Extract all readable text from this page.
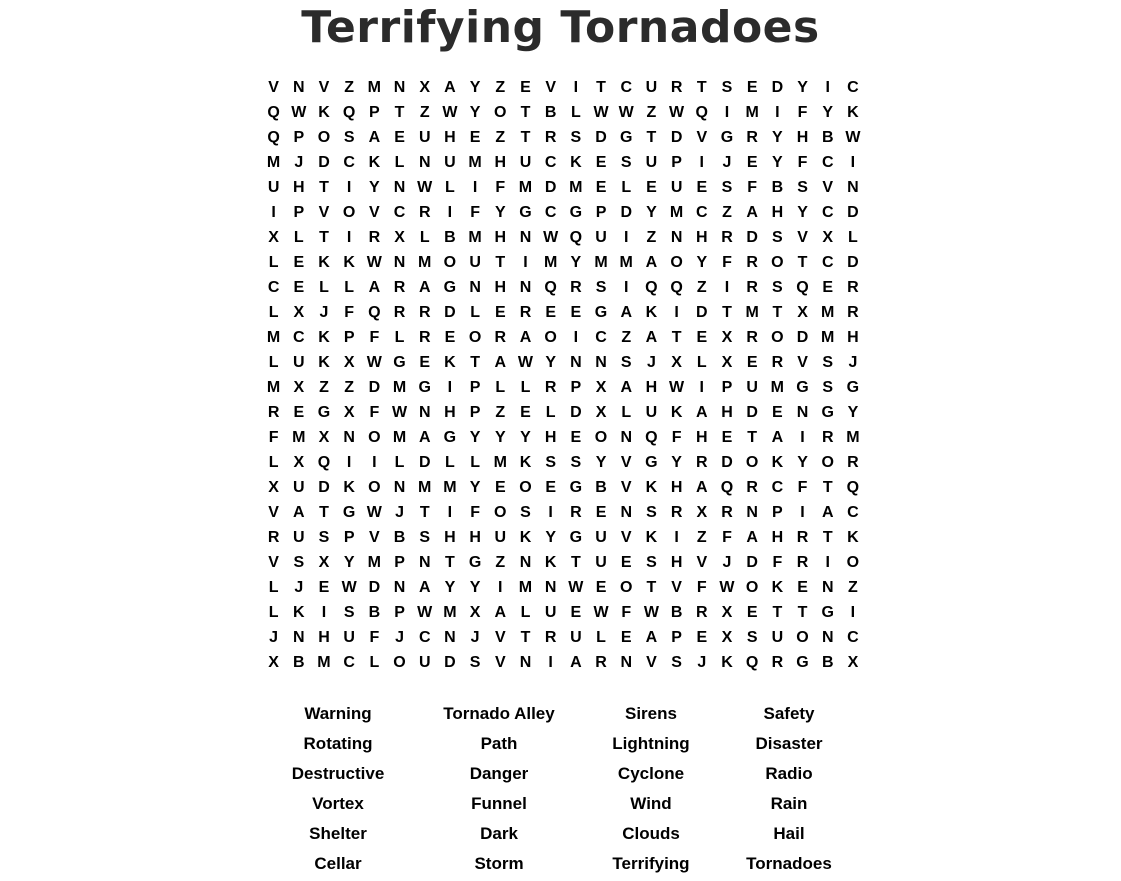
Terrifying Tornadoes
V N V Z M N X A Y Z E V	I	T C U R T S E D Y	I	C
Q W K Q P T Z W Y O T B L W W Z W Q	I	M	I	F Y K
Q P O S A E U H E Z T R S D G T D V G R Y H B W
M J D C K L N U M H U C K E S U P	I	J E Y F C	I
U H T	I	Y N W L	I	F M D M E L E U E S F B S V N
I	P V O V C R	I	F Y G C G P D Y M C Z A H Y C D
X L T	I	R X L B M H N W Q U	I	Z N H R D S V X L
L E K K W N M O U T	I	M Y M M A O Y F R O T C D
C E L L A R A G N H N Q R S	I	Q Q Z	I	R S Q E R
L X J F Q R R D L E R E E G A K	I	D T M T X M R
M C K P F L R E O R A O	I	C Z A T E X R O D M H
L U K X W G E K T A W Y N N S J X L X E R V S J
M X Z Z D M G	I	P L L R P X A H W I	P U M G S G
R E G X F W N H P Z E L D X L U K A H D E N G Y
F M X N O M A G Y Y Y H E O N Q F H E T A	I	R M
L X Q	I	I	L D L L M K S S Y V G Y R D O K Y O R
X U D K O N M M Y E O E G B V K H A Q R C F T Q
V A T G W J T	I	F O S	I	R E N S R X R N P	I	A C
R U S P V B S H H U K Y G U V K	I	Z F A H R T K
V S X Y M P N T G Z N K T U E S H V J D F R	I	O
L J E W D N A Y Y	I	M N W E O T V F W O K E N Z
L K	I	S B P W M X A L U E W F W B R X E T T G	I
J N H U F J C N J V T R U L E A P E X S U O N C
X B M C L O U D S V N	I	A R N V S J K Q R G B X
Warning	Tornado Alley	Sirens	Safety
Rotating	Path	Lightning	Disaster
Destructive	Danger	Cyclone	Radio
Vortex	Funnel	Wind	Rain
Shelter	Dark	Clouds	Hail
Cellar	Storm	Terrifying	Tornadoes
